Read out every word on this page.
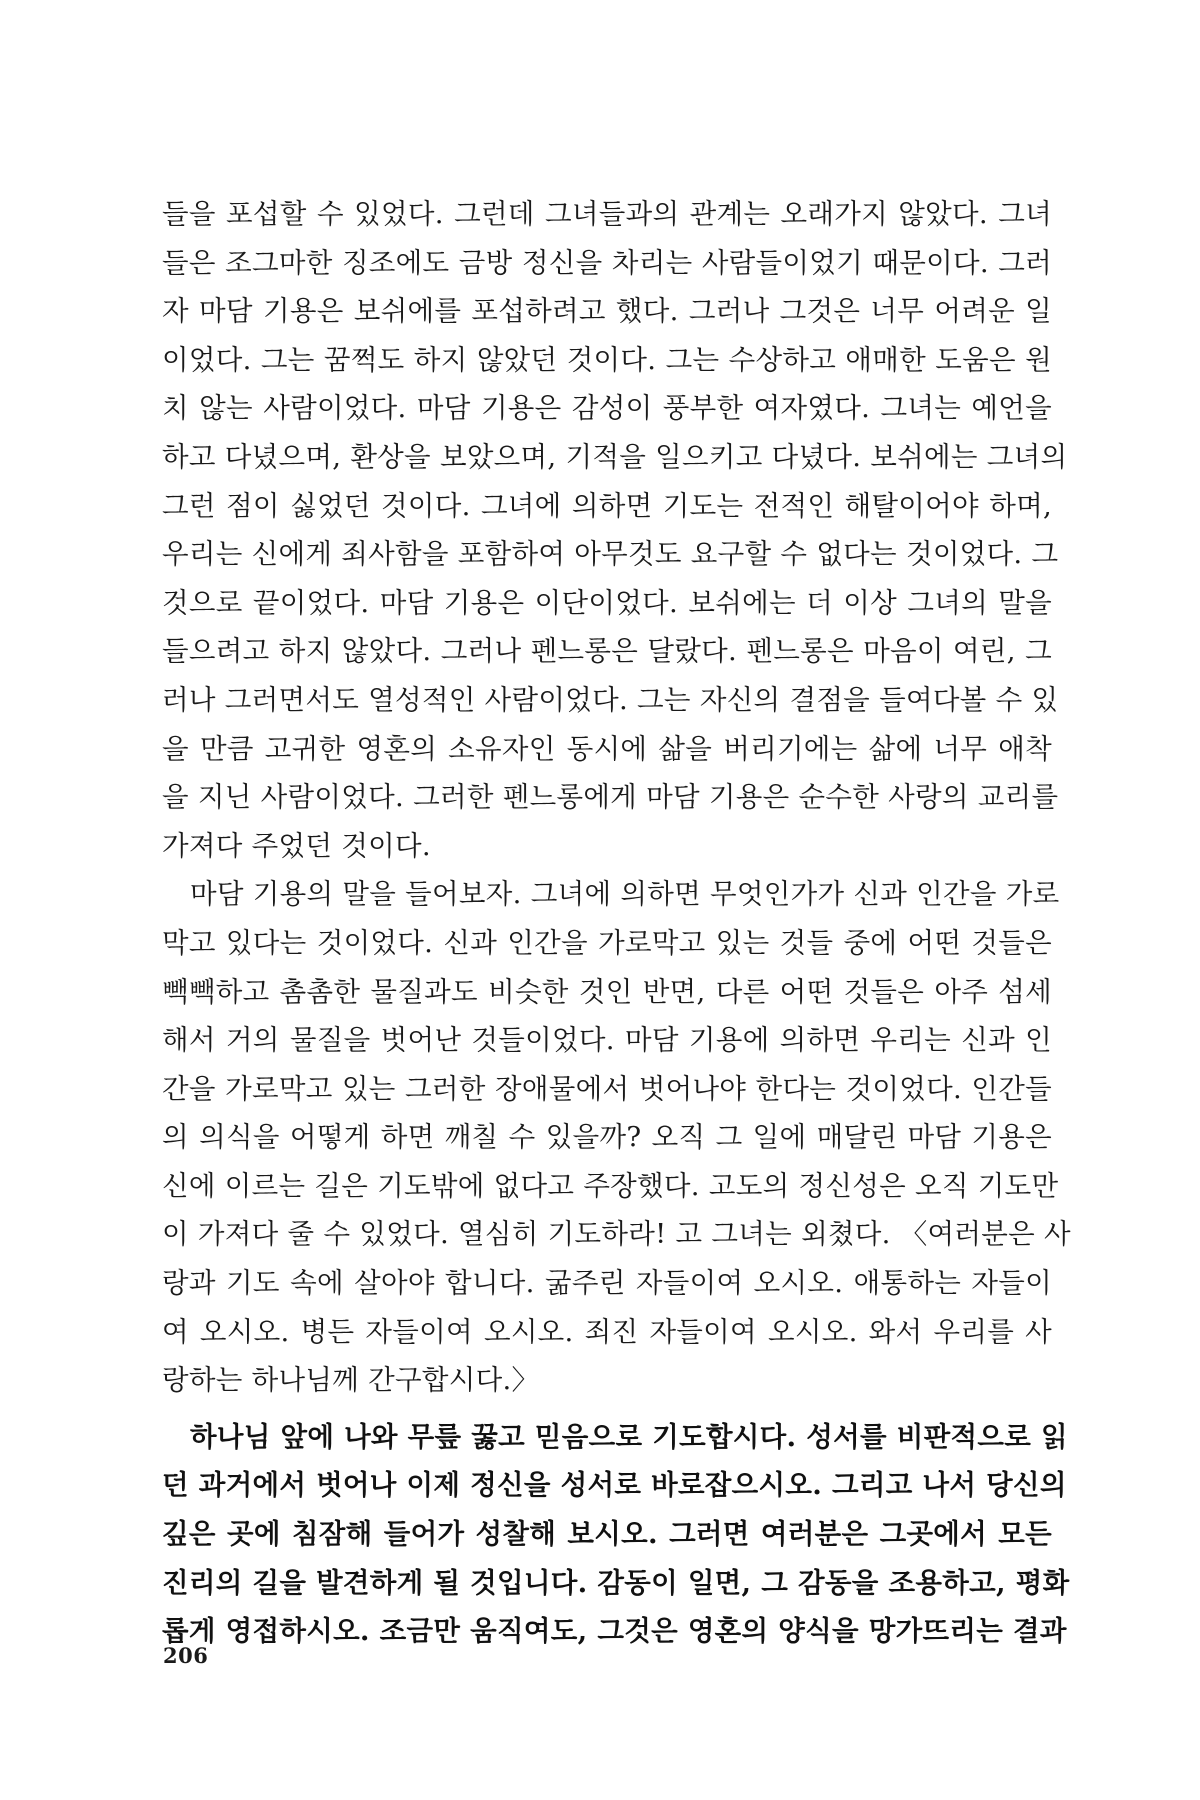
들을 포섭할 수 있었다. 그런데 그녀들과의 관계는 오래가지 않았다. 그녀
들은 조그마한 징조에도 금방 정신을 차리는 사람들이었기 때문이다. 그러
자 마담 기용은 보쉬에를 포섭하려고 했다. 그러나 그것은 너무 어려운 일
이었다. 그는 꿈쩍도 하지 않았던 것이다. 그는 수상하고 애매한 도움은 원
치 않는 사람이었다. 마담 기용은 감성이 풍부한 여자였다. 그녀는 예언을
하고 다녔으며, 환상을 보았으며, 기적을 일으키고 다녔다. 보쉬에는 그녀의
그런 점이 싫었던 것이다. 그녀에 의하면 기도는 전적인 해탈이어야 하며,
우리는 신에게 죄사함을 포함하여 아무것도 요구할 수 없다는 것이었다. 그
것으로 끝이었다. 마담 기용은 이단이었다. 보쉬에는 더 이상 그녀의 말을
들으려고 하지 않았다. 그러나 펜느롱은 달랐다. 펜느롱은 마음이 여린, 그
러나 그러면서도 열성적인 사람이었다. 그는 자신의 결점을 들여다볼 수 있
을 만큼 고귀한 영혼의 소유자인 동시에 삶을 버리기에는 삶에 너무 애착
을 지닌 사람이었다. 그러한 펜느롱에게 마담 기용은 순수한 사랑의 교리를
가져다 주었던 것이다.
마담 기용의 말을 들어보자. 그녀에 의하면 무엇인가가 신과 인간을 가로
막고 있다는 것이었다. 신과 인간을 가로막고 있는 것들 중에 어떤 것들은
빽빽하고 촘촘한 물질과도 비슷한 것인 반면, 다른 어떤 것들은 아주 섬세
해서 거의 물질을 벗어난 것들이었다. 마담 기용에 의하면 우리는 신과 인
간을 가로막고 있는 그러한 장애물에서 벗어나야 한다는 것이었다. 인간들
의 의식을 어떻게 하면 깨칠 수 있을까? 오직 그 일에 매달린 마담 기용은
신에 이르는 길은 기도밖에 없다고 주장했다. 고도의 정신성은 오직 기도만
이 가져다 줄 수 있었다. 열심히 기도하라! 고 그녀는 외쳤다. 〈여러분은 사
랑과 기도 속에 살아야 합니다. 굶주린 자들이여 오시오. 애통하는 자들이
여 오시오. 병든 자들이여 오시오. 죄진 자들이여 오시오. 와서 우리를 사
랑하는 하나님께 간구합시다.〉
하나님 앞에 나와 무릎 꿇고 믿음으로 기도합시다. 성서를 비판적으로 읽
던 과거에서 벗어나 이제 정신을 성서로 바로잡으시오. 그리고 나서 당신의
깊은 곳에 침잠해 들어가 성찰해 보시오. 그러면 여러분은 그곳에서 모든
진리의 길을 발견하게 될 것입니다. 감동이 일면, 그 감동을 조용하고, 평화
롭게 영접하시오. 조금만 움직여도, 그것은 영혼의 양식을 망가뜨리는 결과
206
